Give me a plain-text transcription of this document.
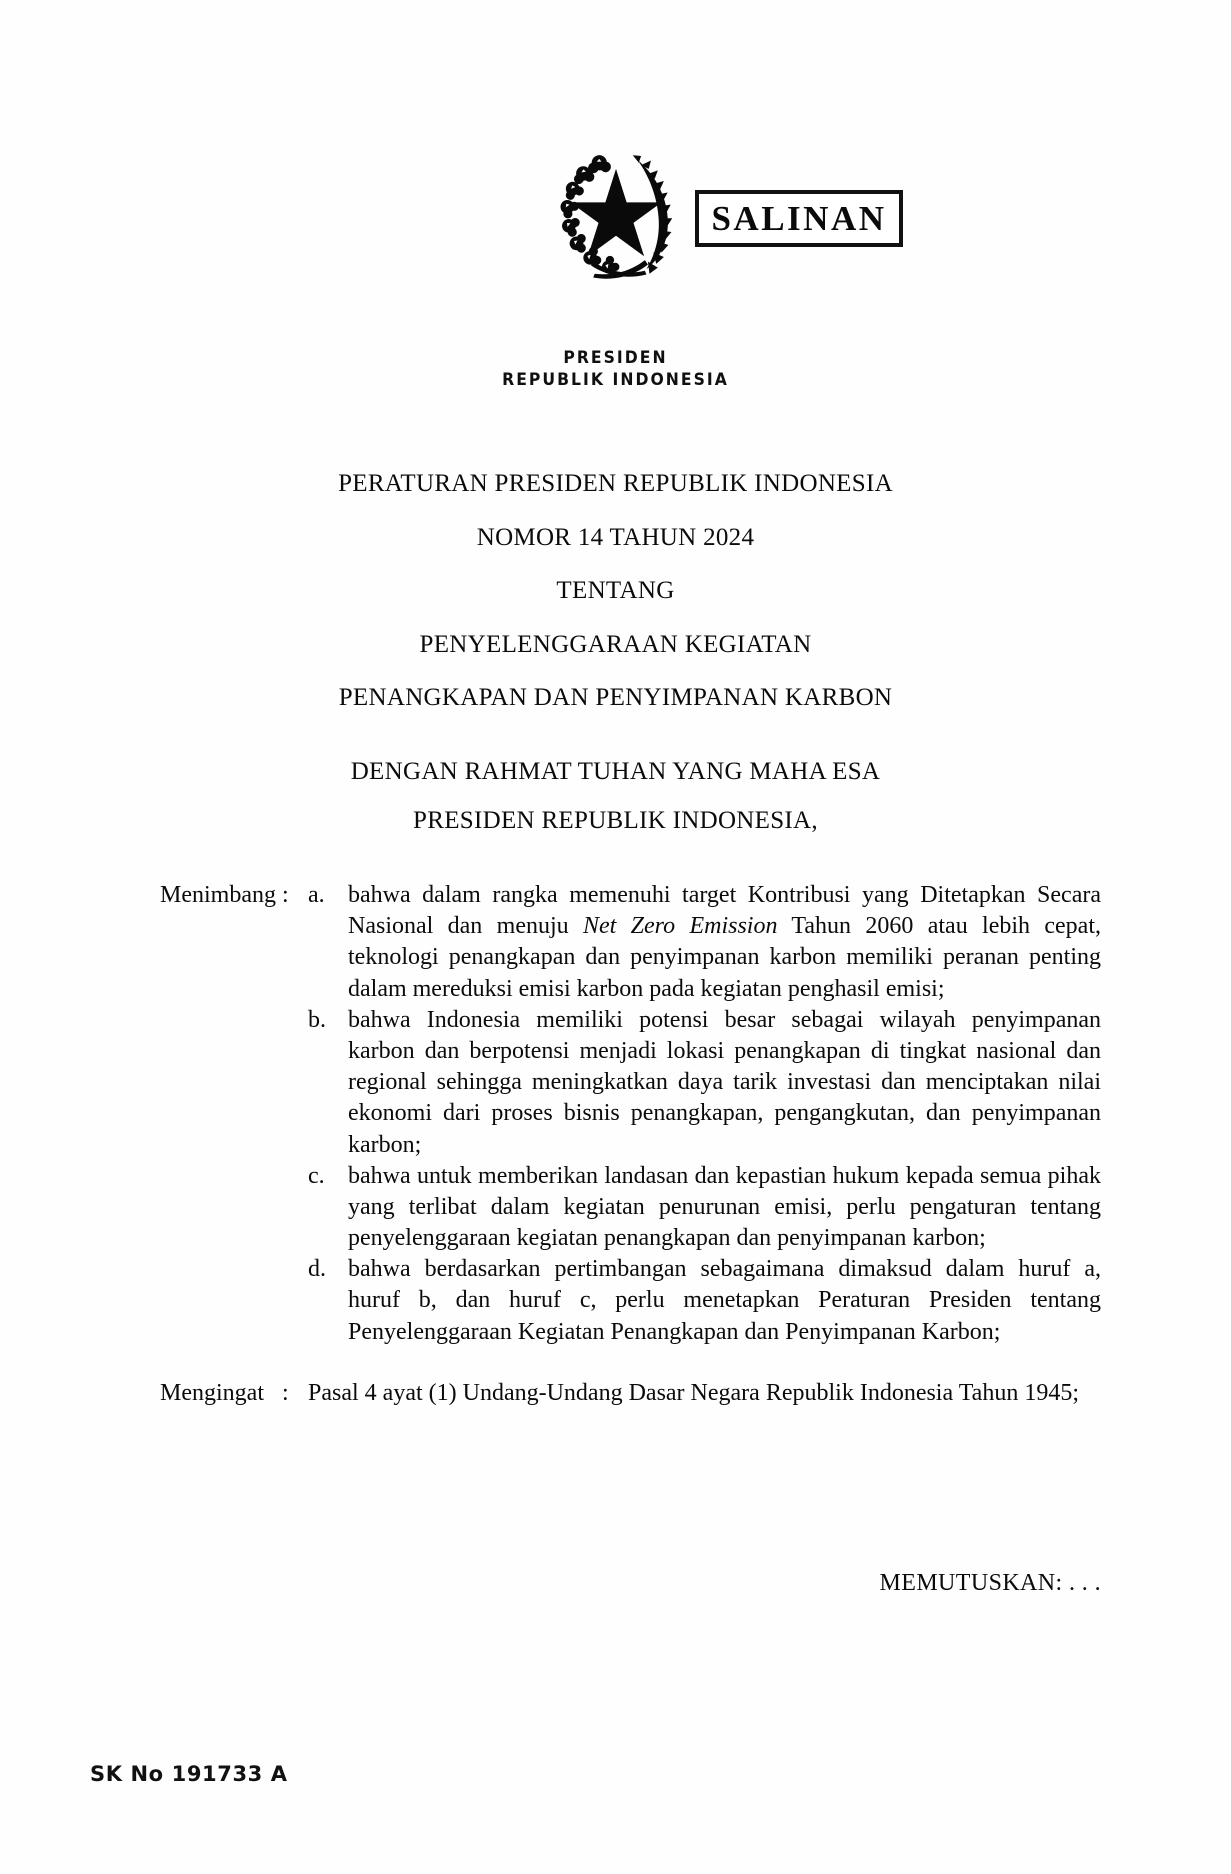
SALINAN
PRESIDEN
REPUBLIK INDONESIA
PERATURAN PRESIDEN REPUBLIK INDONESIA
NOMOR 14 TAHUN 2024
TENTANG
PENYELENGGARAAN KEGIATAN
PENANGKAPAN DAN PENYIMPANAN KARBON
DENGAN RAHMAT TUHAN YANG MAHA ESA
PRESIDEN REPUBLIK INDONESIA,
Menimbang : a. bahwa dalam rangka memenuhi target Kontribusi yang Ditetapkan Secara Nasional dan menuju Net Zero Emission Tahun 2060 atau lebih cepat, teknologi penangkapan dan penyimpanan karbon memiliki peranan penting dalam mereduksi emisi karbon pada kegiatan penghasil emisi;
b. bahwa Indonesia memiliki potensi besar sebagai wilayah penyimpanan karbon dan berpotensi menjadi lokasi penangkapan di tingkat nasional dan regional sehingga meningkatkan daya tarik investasi dan menciptakan nilai ekonomi dari proses bisnis penangkapan, pengangkutan, dan penyimpanan karbon;
c. bahwa untuk memberikan landasan dan kepastian hukum kepada semua pihak yang terlibat dalam kegiatan penurunan emisi, perlu pengaturan tentang penyelenggaraan kegiatan penangkapan dan penyimpanan karbon;
d. bahwa berdasarkan pertimbangan sebagaimana dimaksud dalam huruf a, huruf b, dan huruf c, perlu menetapkan Peraturan Presiden tentang Penyelenggaraan Kegiatan Penangkapan dan Penyimpanan Karbon;
Mengingat : Pasal 4 ayat (1) Undang-Undang Dasar Negara Republik Indonesia Tahun 1945;
MEMUTUSKAN: . . .
SK No 191733 A
